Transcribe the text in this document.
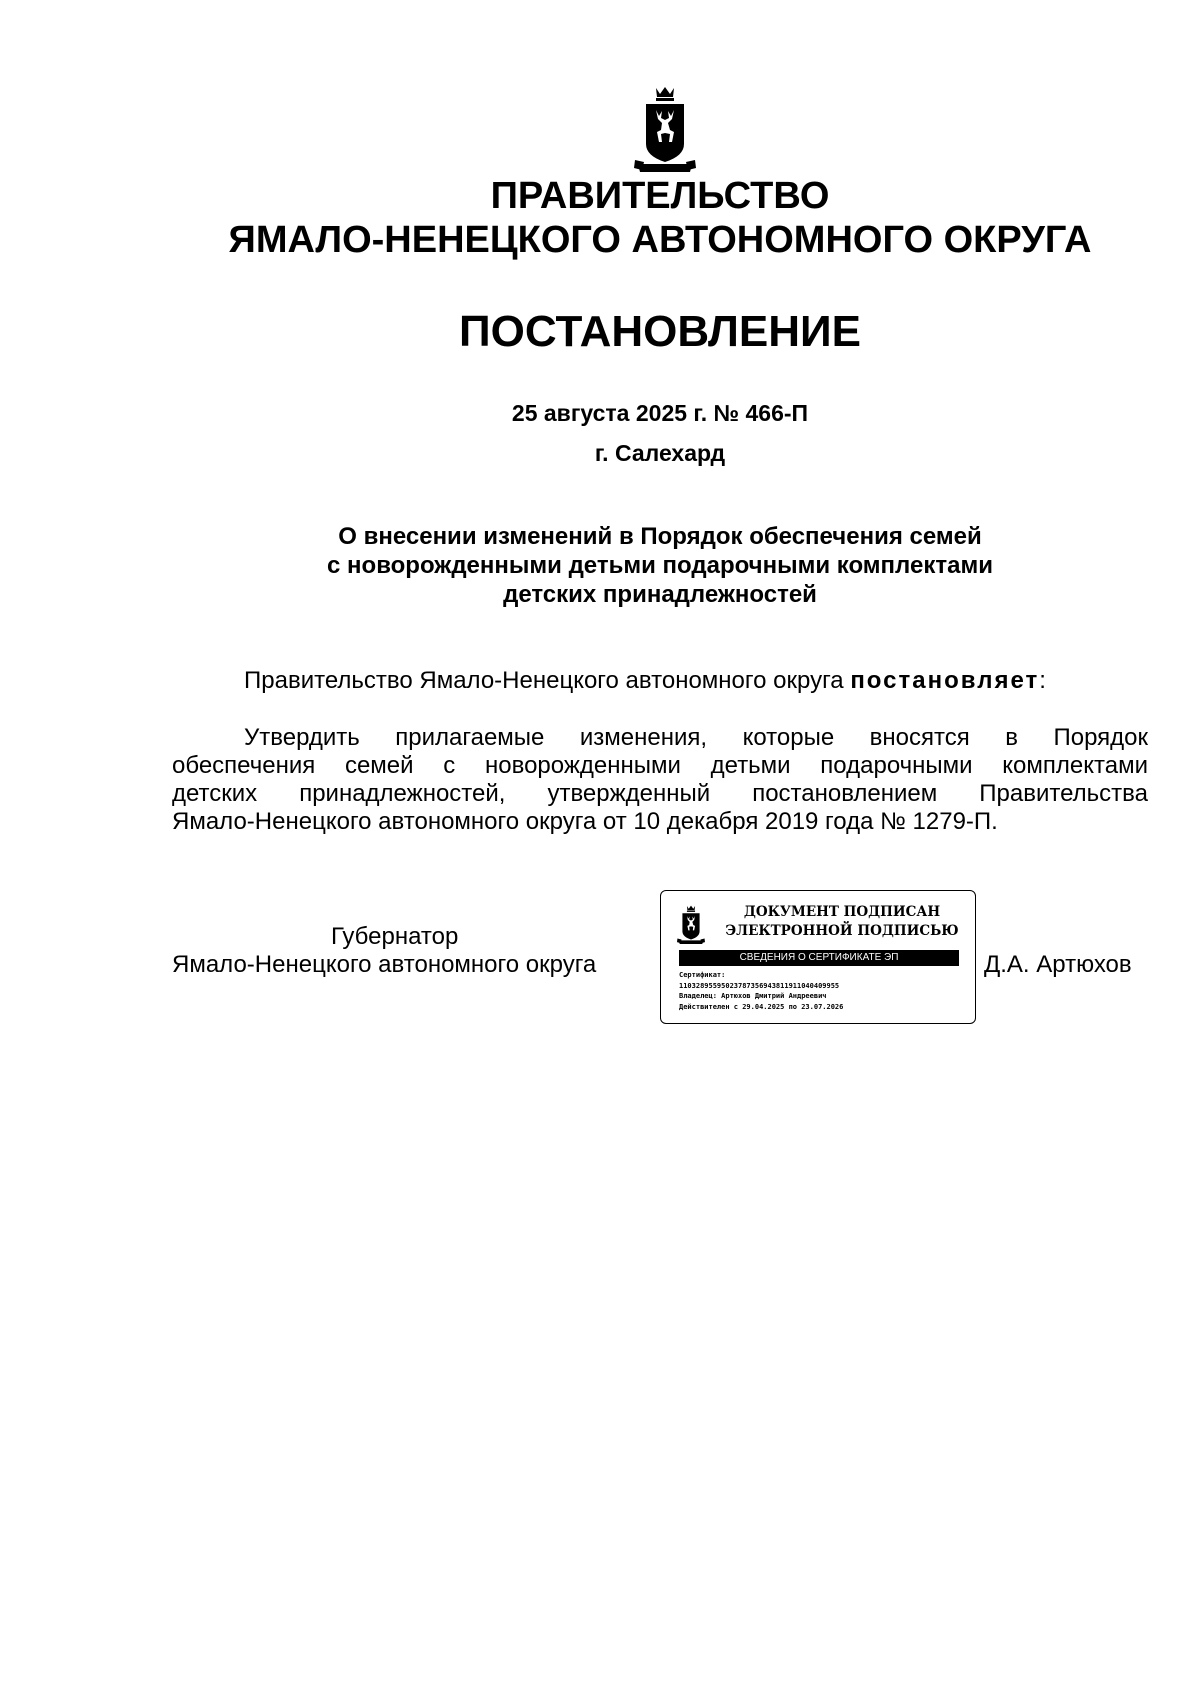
ПРАВИТЕЛЬСТВО
ЯМАЛО-НЕНЕЦКОГО АВТОНОМНОГО ОКРУГА
ПОСТАНОВЛЕНИЕ
25 августа 2025 г. № 466-П
г. Салехард
О внесении изменений в Порядок обеспечения семей
с новорожденными детьми подарочными комплектами
детских принадлежностей
Правительство Ямало-Ненецкого автономного округа постановляет:
Утвердить прилагаемые изменения, которые вносятся в Порядок
обеспечения семей с новорожденными детьми подарочными комплектами
детских принадлежностей, утвержденный постановлением Правительства
Ямало-Ненецкого автономного округа от 10 декабря 2019 года № 1279-П.
Губернатор
Ямало-Ненецкого автономного округа	Д.А. Артюхов
ДОКУМЕНТ ПОДПИСАН
ЭЛЕКТРОННОЙ ПОДПИСЬЮ
СВЕДЕНИЯ О СЕРТИФИКАТЕ ЭП
Сертификат:
11032895595023787356943811911040409955
Владелец: Артюхов Дмитрий Андреевич
Действителен с 29.04.2025 по 23.07.2026
